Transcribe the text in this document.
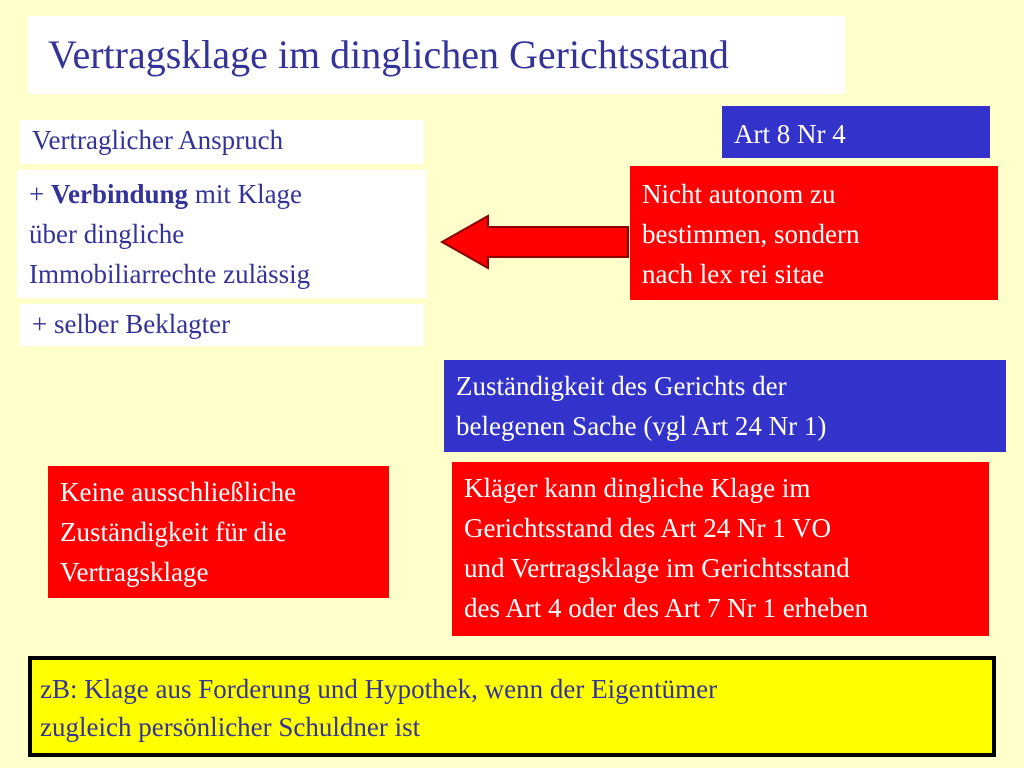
Vertragsklage im dinglichen Gerichtsstand
Vertraglicher Anspruch
+ Verbindung mit Klage
über dingliche
Immobiliarrechte zulässig
+ selber Beklagter
Art 8 Nr 4
Nicht autonom zu
bestimmen, sondern
nach lex rei sitae
Zuständigkeit des Gerichts der
belegenen Sache (vgl Art 24 Nr 1)
Keine ausschließliche
Zuständigkeit für die
Vertragsklage
Kläger kann dingliche Klage im
Gerichtsstand des Art 24 Nr 1 VO
und Vertragsklage im Gerichtsstand
des Art 4 oder des Art 7 Nr 1 erheben
zB: Klage aus Forderung und Hypothek, wenn der Eigentümer
zugleich persönlicher Schuldner ist
